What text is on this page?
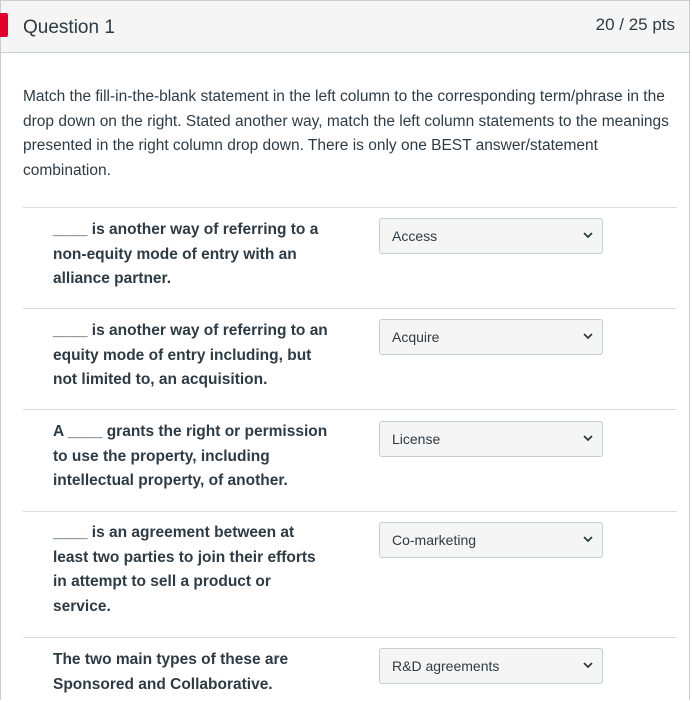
Question 1	20 / 25 pts
Match the fill-in-the-blank statement in the left column to the corresponding term/phrase in the drop down on the right. Stated another way, match the left column statements to the meanings presented in the right column drop down. There is only one BEST answer/statement combination.
____ is another way of referring to a non-equity mode of entry with an alliance partner.
Access
____ is another way of referring to an equity mode of entry including, but not limited to, an acquisition.
Acquire
A ____ grants the right or permission to use the property, including intellectual property, of another.
License
____ is an agreement between at least two parties to join their efforts in attempt to sell a product or service.
Co-marketing
The two main types of these are Sponsored and Collaborative.
R&D agreements
